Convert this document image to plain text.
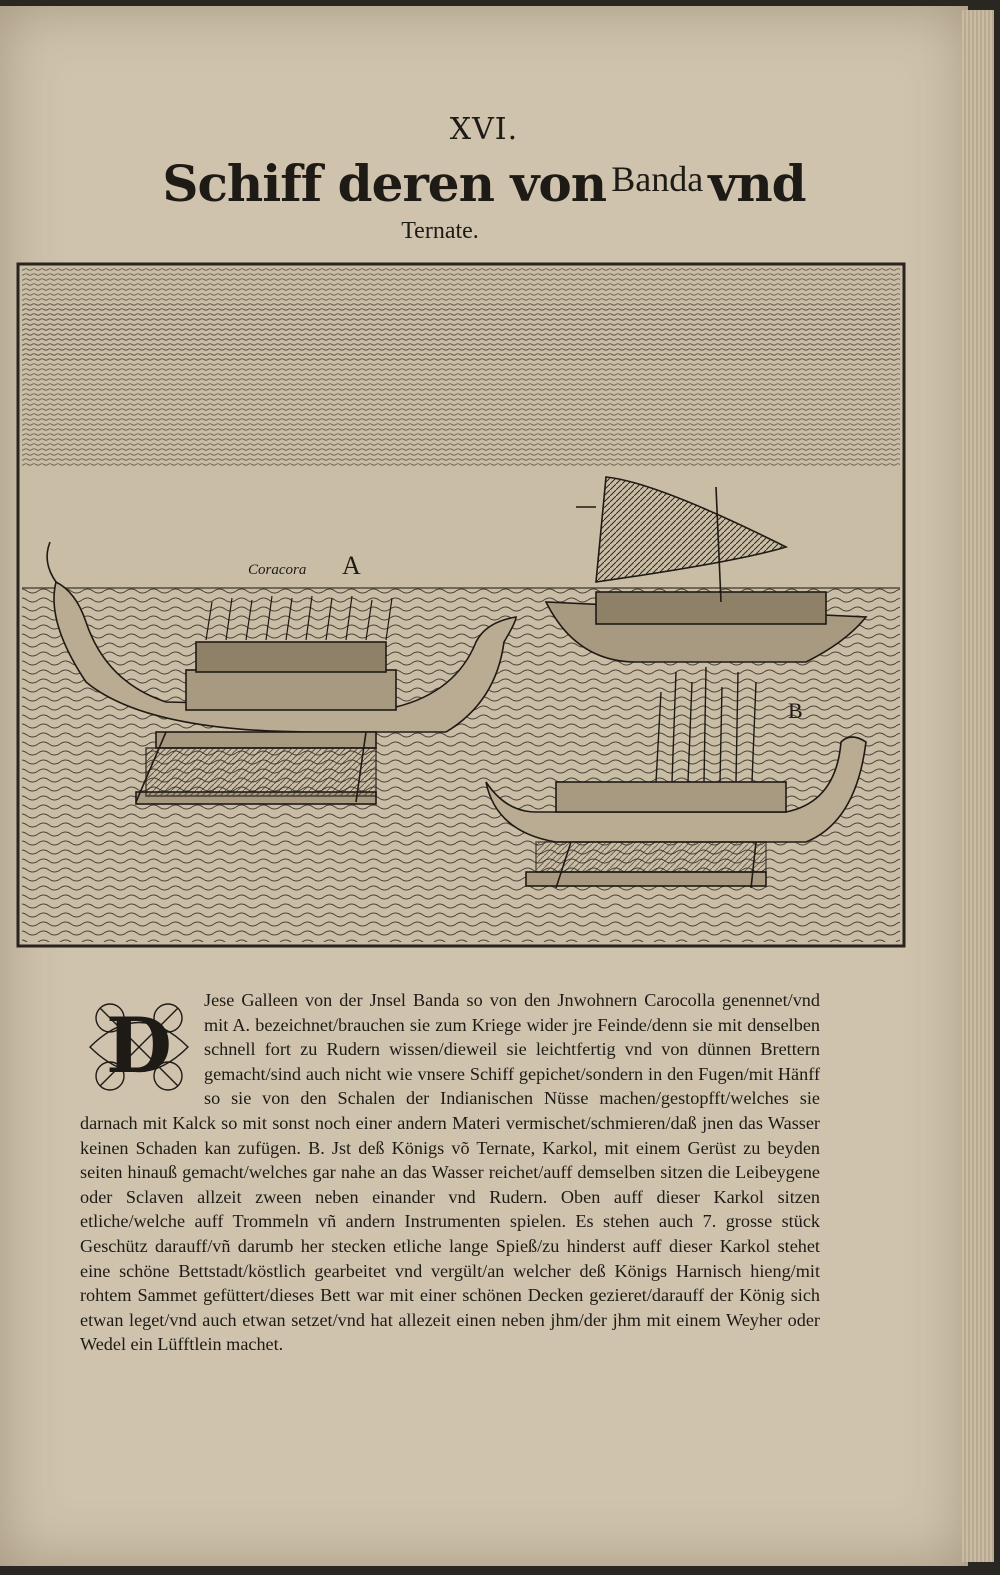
XVI.
Schiff deren von Banda vnd
Ternate.
Coracora A
B
D

Jese Galleen von der Jnsel Banda so von den Jnwohnern Carocolla genennet/vnd mit A. bezeichnet/brauchen sie zum Kriege wider jre Feinde/denn sie mit denselben schnell fort zu Rudern wissen/dieweil sie leichtfertig vnd von dünnen Brettern gemacht/sind auch nicht wie vnsere Schiff gepichet/sondern in den Fugen/mit Hänff so sie von den Schalen der Indianischen Nüsse machen/gestopfft/welches sie darnach mit Kalck so mit sonst noch einer andern Materi vermischet/schmieren/daß jnen das Wasser keinen Schaden kan zufügen. B. Jst deß Königs võ Ternate, Karkol, mit einem Gerüst zu beyden seiten hinauß gemacht/welches gar nahe an das Wasser reichet/auff demselben sitzen die Leibeygene oder Sclaven allzeit zween neben einander vnd Rudern. Oben auff dieser Karkol sitzen etliche/welche auff Trommeln vñ andern Instrumenten spielen. Es stehen auch 7. grosse stück Geschütz darauff/vñ darumb her stecken etliche lange Spieß/zu hinderst auff dieser Karkol stehet eine schöne Bettstadt/köstlich gearbeitet vnd vergült/an welcher deß Königs Harnisch hieng/mit rohtem Sammet gefüttert/dieses Bett war mit einer schönen Decken gezieret/darauff der König sich etwan leget/vnd auch etwan setzet/vnd hat allezeit einen neben jhm/der jhm mit einem Weyher oder Wedel ein Lüfftlein machet.
